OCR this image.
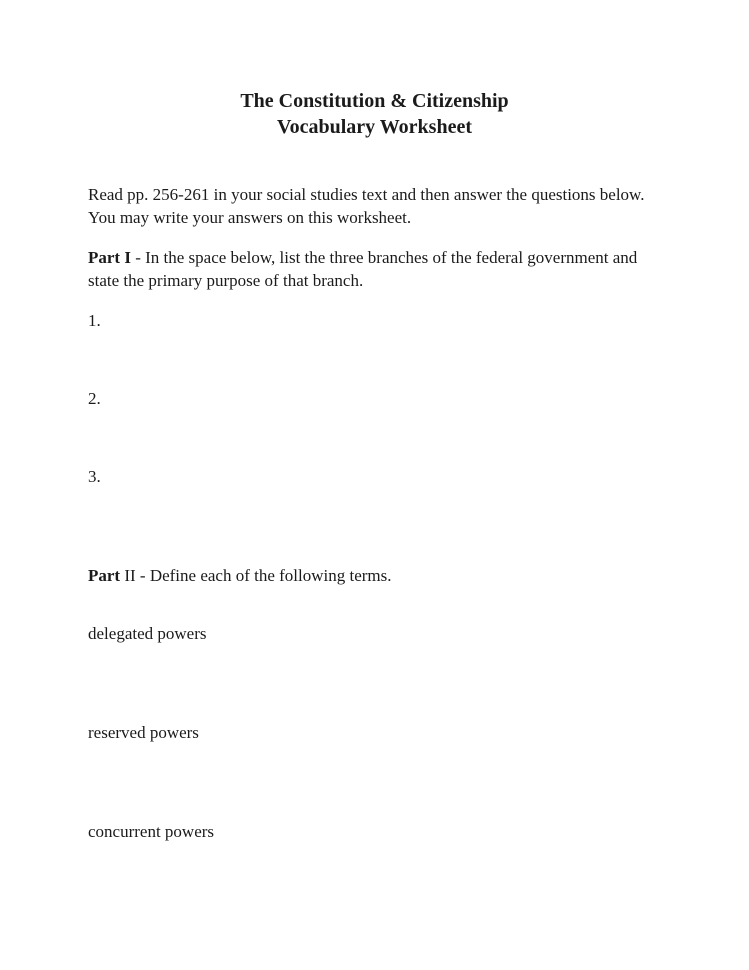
The Constitution & Citizenship
Vocabulary Worksheet

Read pp. 256-261 in your social studies text and then answer the questions below.
You may write your answers on this worksheet.

Part I - In the space below, list the three branches of the federal government and
state the primary purpose of that branch.

1.
2.
3.

Part II - Define each of the following terms.

delegated powers
reserved powers
concurrent powers
